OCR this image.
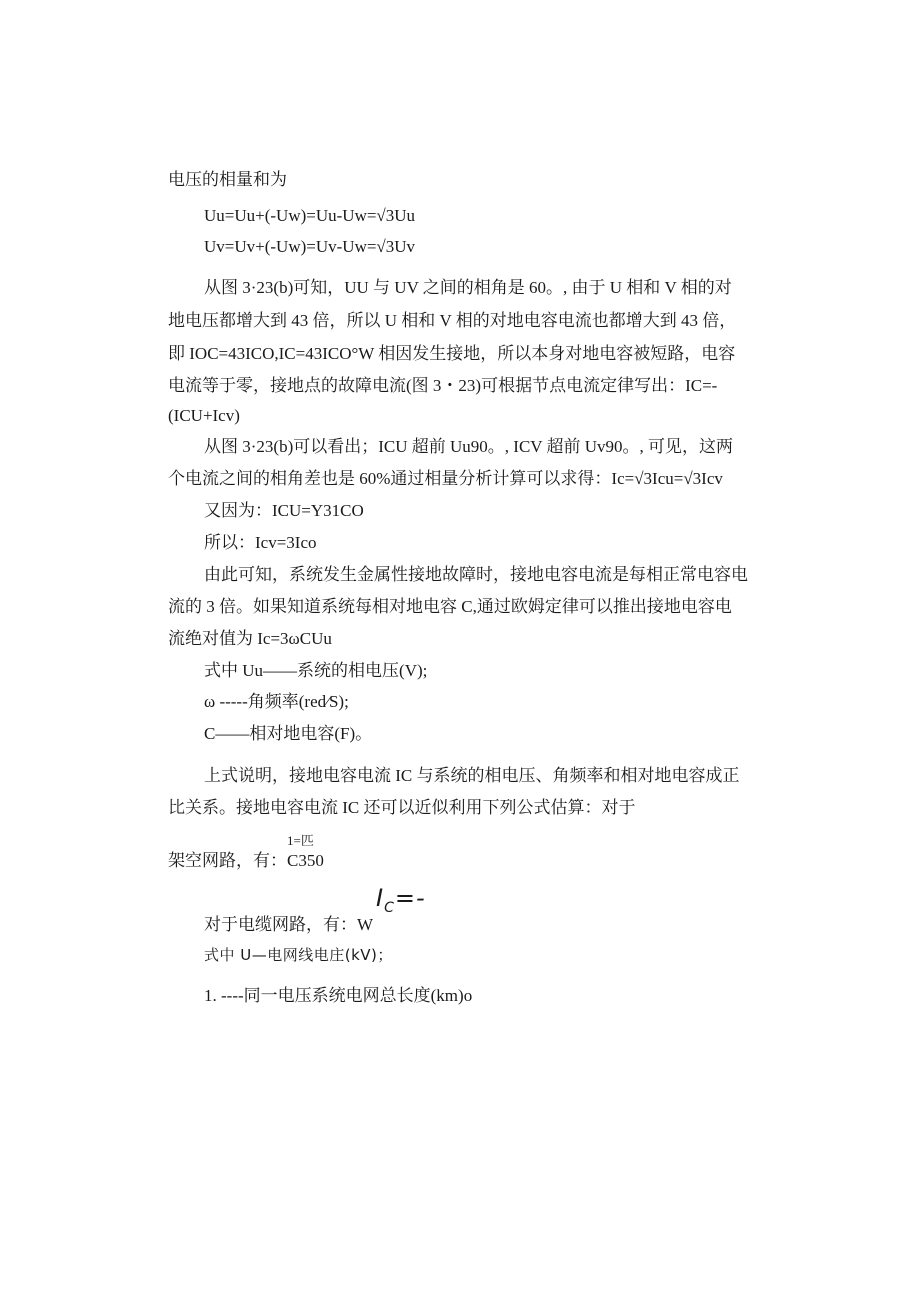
电压的相量和为
Uu=Uu+(-Uw)=Uu-Uw=√3Uu
Uv=Uv+(-Uw)=Uv-Uw=√3Uv
从图 3·23(b)可知，UU 与 UV 之间的相角是 60。, 由于 U 相和 V 相的对
地电压都增大到 43 倍，所以 U 相和 V 相的对地电容电流也都增大到 43 倍，
即 IOC=43ICO,IC=43ICO°W 相因发生接地，所以本身对地电容被短路，电容
电流等于零，接地点的故障电流(图 3・23)可根据节点电流定律写出：IC=-
(ICU+Icv)
从图 3·23(b)可以看出；ICU 超前 Uu90。, ICV 超前 Uv90。, 可见，这两
个电流之间的相角差也是 60%通过相量分析计算可以求得：Ic=√3Icu=√3Icv
又因为：ICU=Y31CO
所以：Icv=3Ico
由此可知，系统发生金属性接地故障时，接地电容电流是每相正常电容电
流的 3 倍。如果知道系统每相对地电容 C,通过欧姆定律可以推出接地电容电
流绝对值为 Ic=3ωCUu
式中 Uu——系统的相电压(V);
ω -----角频率(red∕S);
C——相对地电容(F)。
上式说明，接地电容电流 IC 与系统的相电压、角频率和相对地电容成正
比关系。接地电容电流 IC 还可以近似利用下列公式估算：对于
1=匹
架空网路，有：C350
$I_C=-$
对于电缆网路，有：W
式中 U—电网线电庄(kV)；
1. ----同一电压系统电网总长度(km)o
